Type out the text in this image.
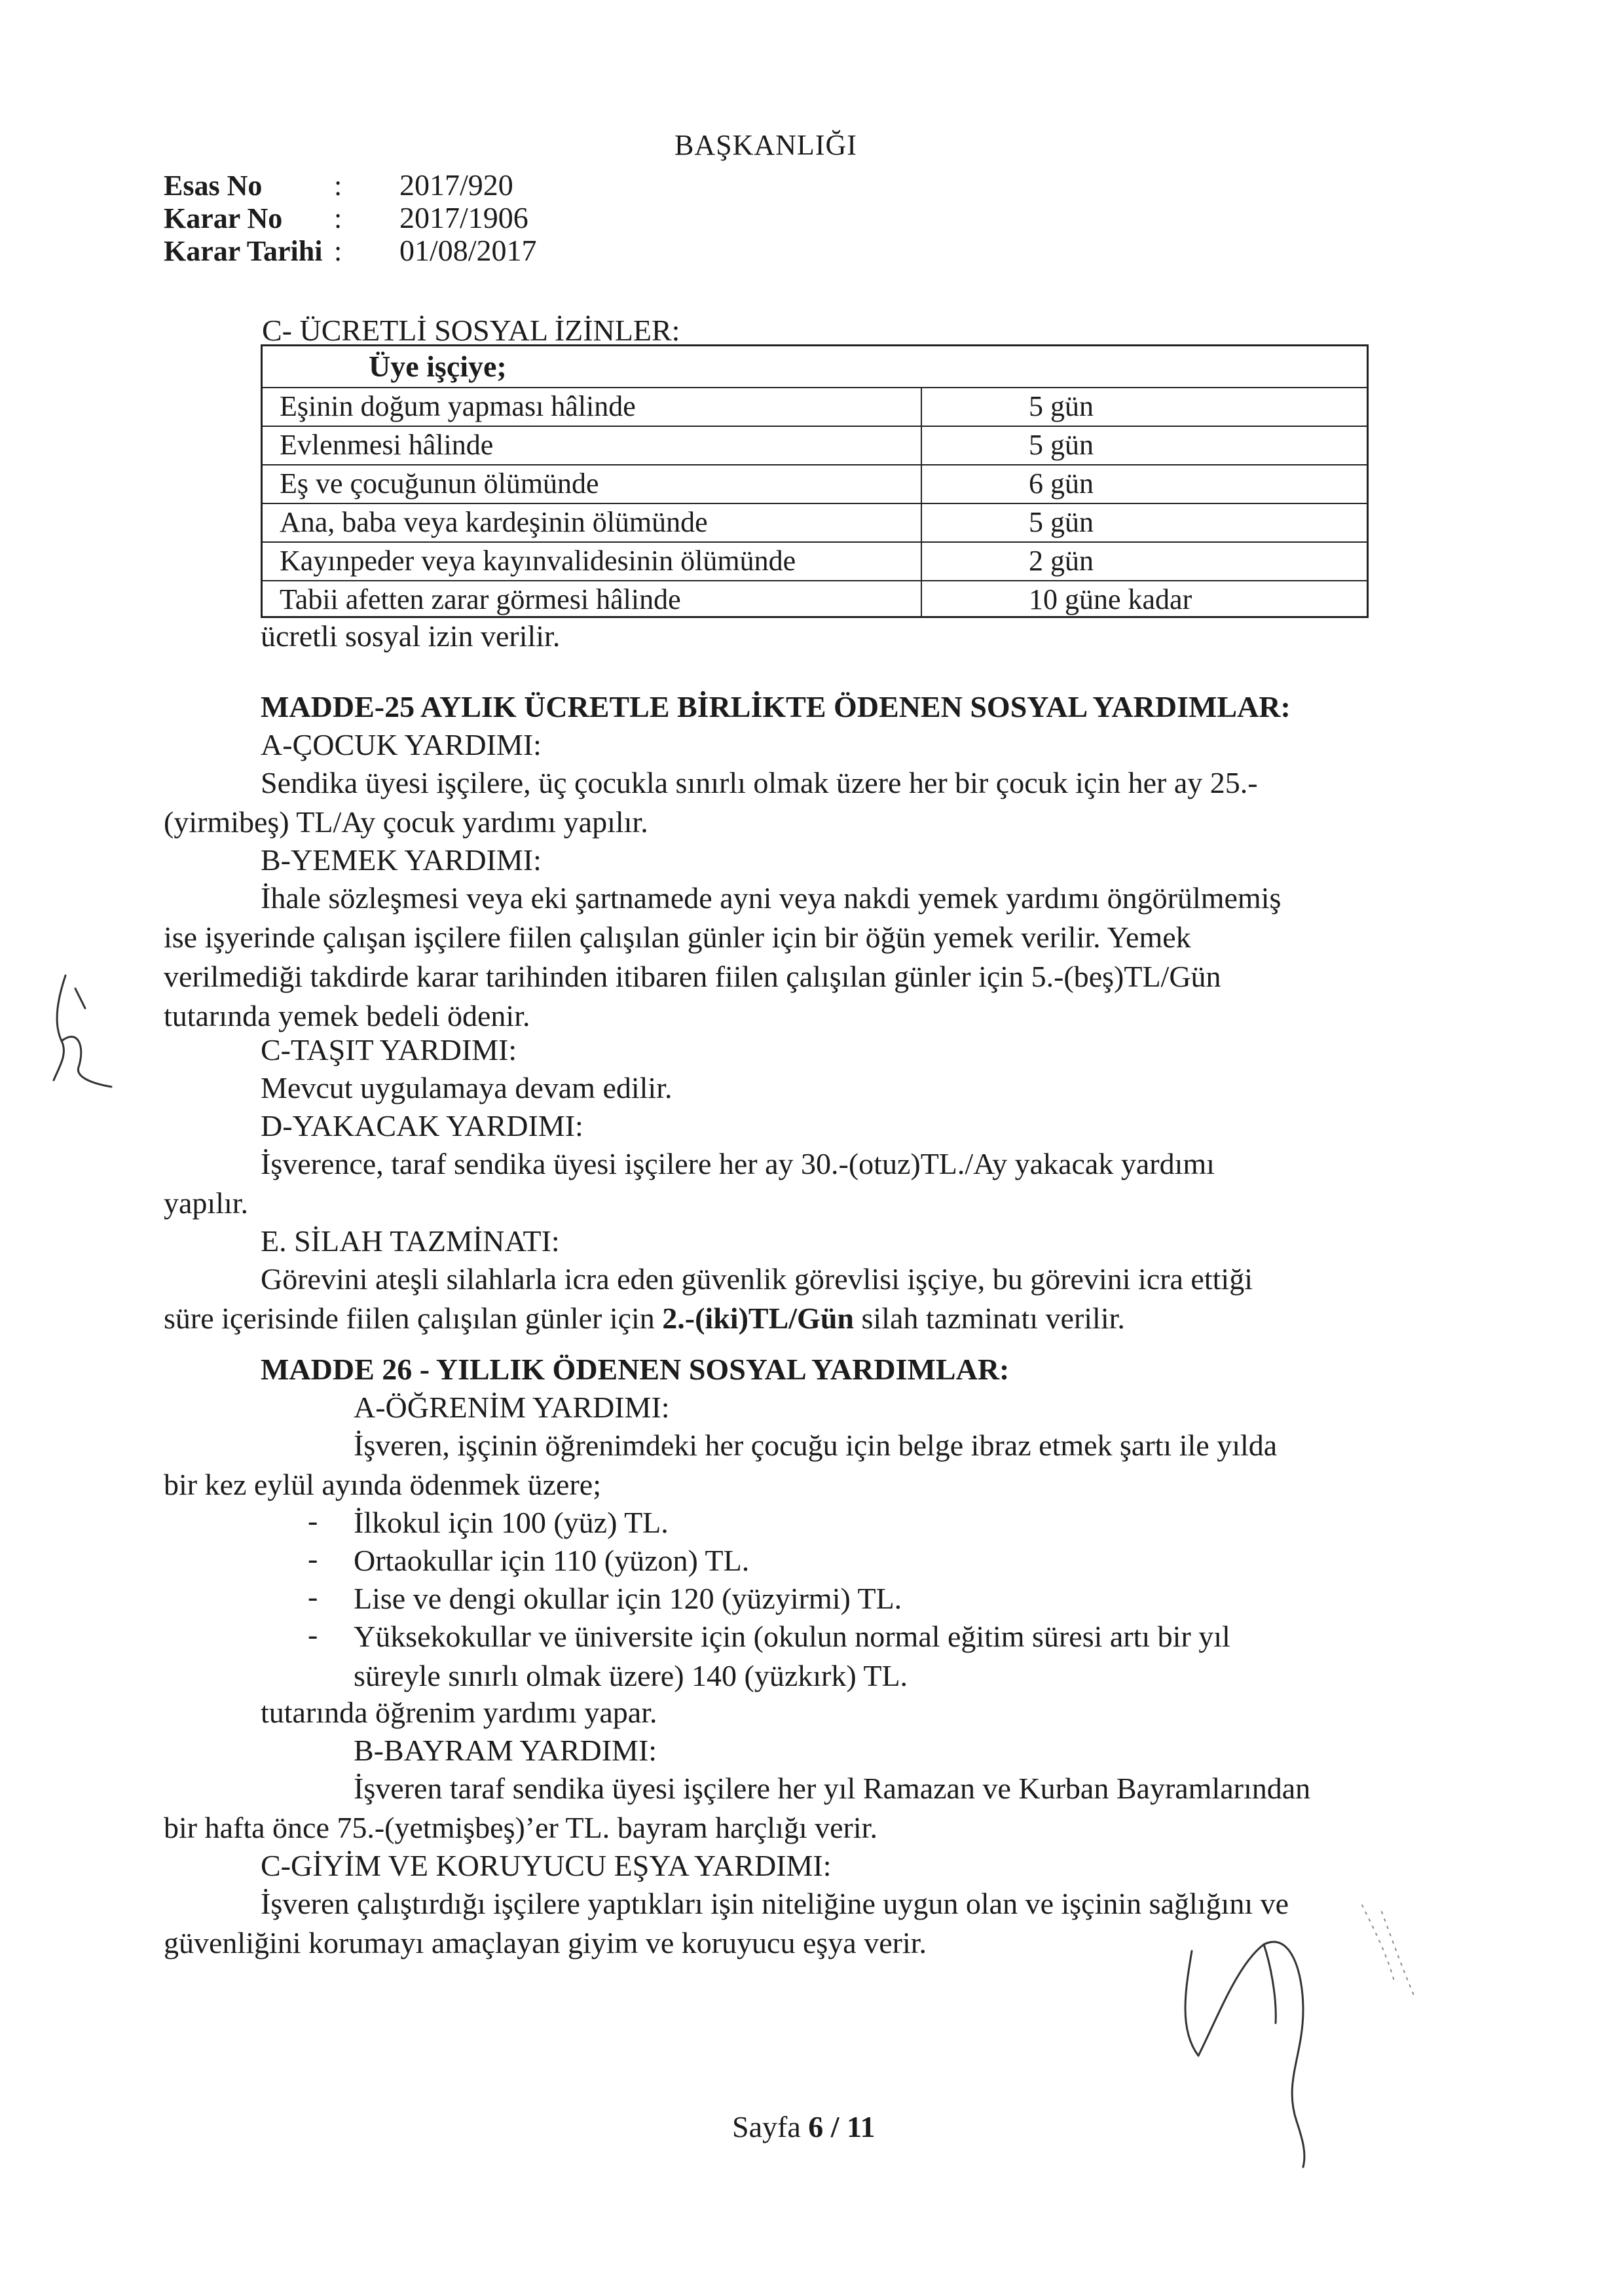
BAŞKANLIĞI
Esas No : 2017/920
Karar No : 2017/1906
Karar Tarihi : 01/08/2017
C- ÜCRETLİ SOSYAL İZİNLER:
Üye işçiye;
Eşinin doğum yapması hâlinde	5 gün
Evlenmesi hâlinde	5 gün
Eş ve çocuğunun ölümünde	6 gün
Ana, baba veya kardeşinin ölümünde	5 gün
Kayınpeder veya kayınvalidesinin ölümünde	2 gün
Tabii afetten zarar görmesi hâlinde	10 güne kadar
ücretli sosyal izin verilir.
MADDE-25 AYLIK ÜCRETLE BİRLİKTE ÖDENEN SOSYAL YARDIMLAR:
A-ÇOCUK YARDIMI:
Sendika üyesi işçilere, üç çocukla sınırlı olmak üzere her bir çocuk için her ay 25.-
(yirmibeş) TL/Ay çocuk yardımı yapılır.
B-YEMEK YARDIMI:
İhale sözleşmesi veya eki şartnamede ayni veya nakdi yemek yardımı öngörülmemiş
ise işyerinde çalışan işçilere fiilen çalışılan günler için bir öğün yemek verilir. Yemek
verilmediği takdirde karar tarihinden itibaren fiilen çalışılan günler için 5.-(beş)TL/Gün
tutarında yemek bedeli ödenir.
C-TAŞIT YARDIMI:
Mevcut uygulamaya devam edilir.
D-YAKACAK YARDIMI:
İşverence, taraf sendika üyesi işçilere her ay 30.-(otuz)TL./Ay yakacak yardımı
yapılır.
E. SİLAH TAZMİNATI:
Görevini ateşli silahlarla icra eden güvenlik görevlisi işçiye, bu görevini icra ettiği
süre içerisinde fiilen çalışılan günler için 2.-(iki)TL/Gün silah tazminatı verilir.
MADDE 26 - YILLIK ÖDENEN SOSYAL YARDIMLAR:
A-ÖĞRENİM YARDIMI:
İşveren, işçinin öğrenimdeki her çocuğu için belge ibraz etmek şartı ile yılda
bir kez eylül ayında ödenmek üzere;
- İlkokul için 100 (yüz) TL.
- Ortaokullar için 110 (yüzon) TL.
- Lise ve dengi okullar için 120 (yüzyirmi) TL.
- Yüksekokullar ve üniversite için (okulun normal eğitim süresi artı bir yıl
süreyle sınırlı olmak üzere) 140 (yüzkırk) TL.
tutarında öğrenim yardımı yapar.
B-BAYRAM YARDIMI:
İşveren taraf sendika üyesi işçilere her yıl Ramazan ve Kurban Bayramlarından
bir hafta önce 75.-(yetmişbeş)’er TL. bayram harçlığı verir.
C-GİYİM VE KORUYUCU EŞYA YARDIMI:
İşveren çalıştırdığı işçilere yaptıkları işin niteliğine uygun olan ve işçinin sağlığını ve
güvenliğini korumayı amaçlayan giyim ve koruyucu eşya verir.
Sayfa 6 / 11
